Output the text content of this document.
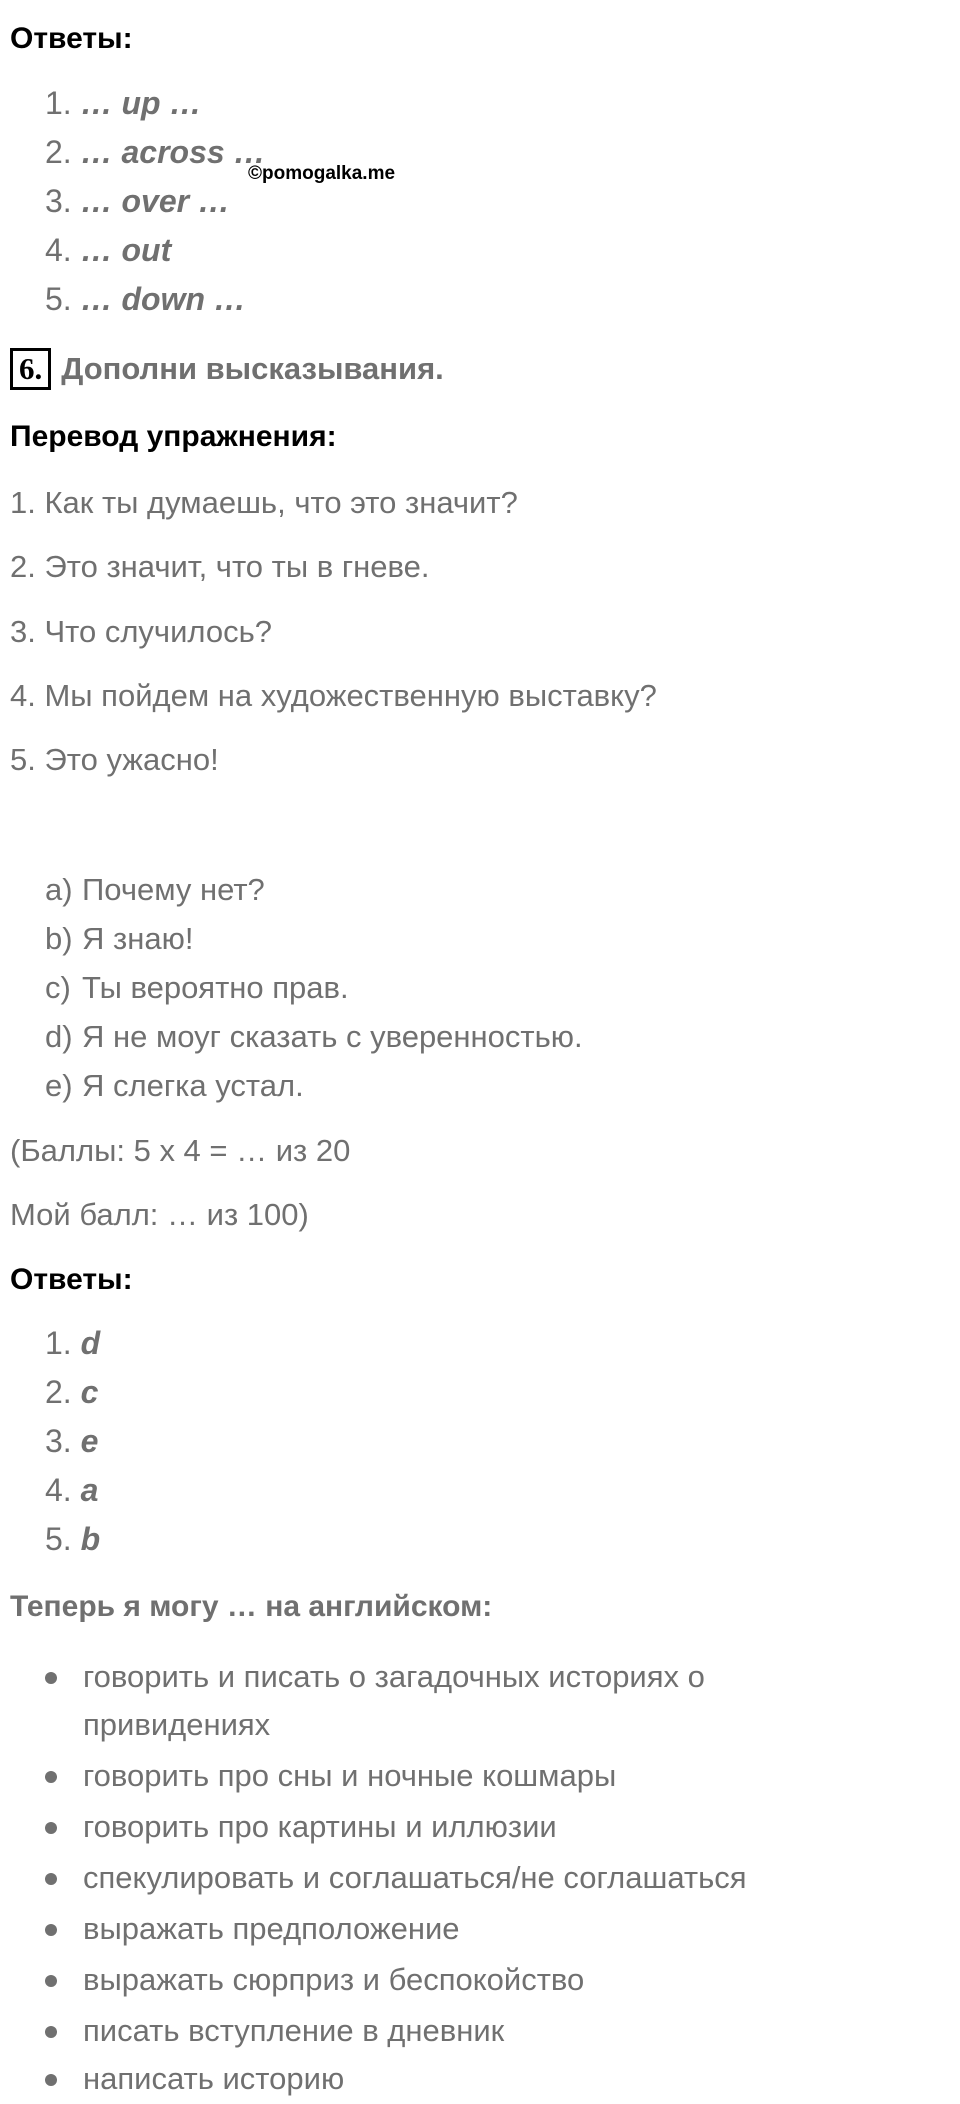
Ответы:
1. … up …
2. … across …
©pomogalka.me
3. … over …
4. … out
5. … down …
6. Дополни высказывания.
Перевод упражнения:
1. Как ты думаешь, что это значит?
2. Это значит, что ты в гневе.
3. Что случилось?
4. Мы пойдем на художественную выставку?
5. Это ужасно!
a) Почему нет?
b) Я знаю!
c) Ты вероятно прав.
d) Я не моуг сказать с уверенностью.
e) Я слегка устал.
(Баллы: 5 x 4 = … из 20
Мой балл: … из 100)
Ответы:
1. d
2. c
3. e
4. a
5. b
Теперь я могу … на английском:
говорить и писать о загадочных историях о
привидениях
говорить про сны и ночные кошмары
говорить про картины и иллюзии
спекулировать и соглашаться/не соглашаться
выражать предположение
выражать сюрприз и беспокойство
писать вступление в дневник
написать историю
